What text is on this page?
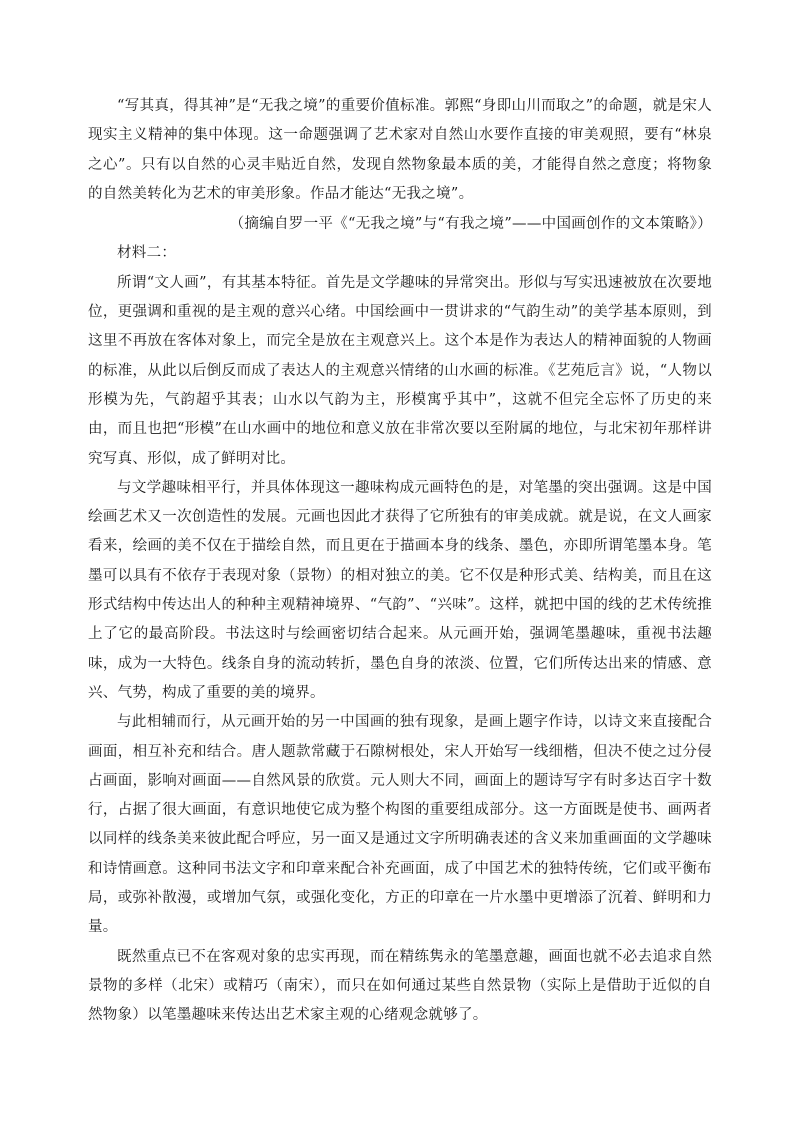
“写其真，得其神”是“无我之境”的重要价值标准。郭熙“身即山川而取之”的命题，就是宋人现实主义精神的集中体现。这一命题强调了艺术家对自然山水要作直接的审美观照，要有“林泉之心”。只有以自然的心灵丰贴近自然，发现自然物象最本质的美，才能得自然之意度；将物象的自然美转化为艺术的审美形象。作品才能达“无我之境”。

（摘编自罗一平《“无我之境”与“有我之境”——中国画创作的文本策略》）

材料二：

所谓“文人画”，有其基本特征。首先是文学趣味的异常突出。形似与写实迅速被放在次要地位，更强调和重视的是主观的意兴心绪。中国绘画中一贯讲求的“气韵生动”的美学基本原则，到这里不再放在客体对象上，而完全是放在主观意兴上。这个本是作为表达人的精神面貌的人物画的标准，从此以后倒反而成了表达人的主观意兴情绪的山水画的标准。《艺苑卮言》说，“人物以形模为先，气韵超乎其表；山水以气韵为主，形模寓乎其中”，这就不但完全忘怀了历史的来由，而且也把“形模”在山水画中的地位和意义放在非常次要以至附属的地位，与北宋初年那样讲究写真、形似，成了鲜明对比。

与文学趣味相平行，并具体体现这一趣味构成元画特色的是，对笔墨的突出强调。这是中国绘画艺术又一次创造性的发展。元画也因此才获得了它所独有的审美成就。就是说，在文人画家看来，绘画的美不仅在于描绘自然，而且更在于描画本身的线条、墨色，亦即所谓笔墨本身。笔墨可以具有不依存于表现对象（景物）的相对独立的美。它不仅是种形式美、结构美，而且在这形式结构中传达出人的种种主观精神境界、“气韵”、“兴味”。这样，就把中国的线的艺术传统推上了它的最高阶段。书法这时与绘画密切结合起来。从元画开始，强调笔墨趣味，重视书法趣味，成为一大特色。线条自身的流动转折，墨色自身的浓淡、位置，它们所传达出来的情感、意兴、气势，构成了重要的美的境界。

与此相辅而行，从元画开始的另一中国画的独有现象，是画上题字作诗，以诗文来直接配合画面，相互补充和结合。唐人题款常藏于石隙树根处，宋人开始写一线细楷，但决不使之过分侵占画面，影响对画面——自然风景的欣赏。元人则大不同，画面上的题诗写字有时多达百字十数行，占据了很大画面，有意识地使它成为整个构图的重要组成部分。这一方面既是使书、画两者以同样的线条美来彼此配合呼应，另一面又是通过文字所明确表述的含义来加重画面的文学趣味和诗情画意。这种同书法文字和印章来配合补充画面，成了中国艺术的独特传统，它们或平衡布局，或弥补散漫，或增加气氛，或强化变化，方正的印章在一片水墨中更增添了沉着、鲜明和力量。

既然重点已不在客观对象的忠实再现，而在精练隽永的笔墨意趣，画面也就不必去追求自然景物的多样（北宋）或精巧（南宋），而只在如何通过某些自然景物（实际上是借助于近似的自然物象）以笔墨趣味来传达出艺术家主观的心绪观念就够了。
